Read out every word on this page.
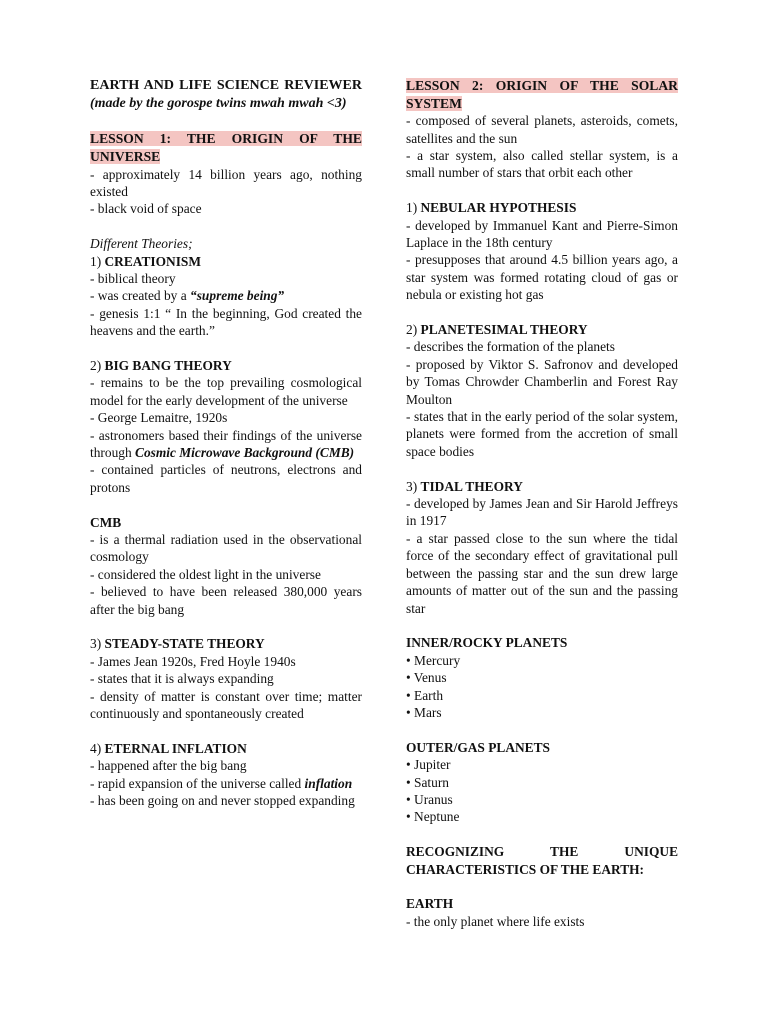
EARTH AND LIFE SCIENCE REVIEWER (made by the gorospe twins mwah mwah <3)

LESSON 1: THE ORIGIN OF THE UNIVERSE

- approximately 14 billion years ago, nothing existed

- black void of space

Different Theories;

1) CREATIONISM

- biblical theory

- was created by a “supreme being”

- genesis 1:1 “ In the beginning, God created the heavens and the earth.”

2) BIG BANG THEORY

- remains to be the top prevailing cosmological model for the early development of the universe

- George Lemaitre, 1920s

- astronomers based their findings of the universe through Cosmic Microwave Background (CMB)

- contained particles of neutrons, electrons and protons

CMB

- is a thermal radiation used in the observational cosmology

- considered the oldest light in the universe

- believed to have been released 380,000 years after the big bang

3) STEADY-STATE THEORY

- James Jean 1920s, Fred Hoyle 1940s

- states that it is always expanding

- density of matter is constant over time; matter continuously and spontaneously created

4) ETERNAL INFLATION

- happened after the big bang

- rapid expansion of the universe called inflation

- has been going on and never stopped expanding

LESSON 2: ORIGIN OF THE SOLAR SYSTEM

- composed of several planets, asteroids, comets, satellites and the sun

- a star system, also called stellar system, is a small number of stars that orbit each other

1) NEBULAR HYPOTHESIS

- developed by Immanuel Kant and Pierre-Simon Laplace in the 18th century

- presupposes that around 4.5 billion years ago, a star system was formed rotating cloud of gas or nebula or existing hot gas

2) PLANETESIMAL THEORY

- describes the formation of the planets

- proposed by Viktor S. Safronov and developed by Tomas Chrowder Chamberlin and Forest Ray Moulton

- states that in the early period of the solar system, planets were formed from the accretion of small space bodies

3) TIDAL THEORY

- developed by James Jean and Sir Harold Jeffreys in 1917

- a star passed close to the sun where the tidal force of the secondary effect of gravitational pull between the passing star and the sun drew large amounts of matter out of the sun and the passing star

INNER/ROCKY PLANETS

• Mercury

• Venus

• Earth

• Mars

OUTER/GAS PLANETS

• Jupiter

• Saturn

• Uranus

• Neptune

RECOGNIZING THE UNIQUE CHARACTERISTICS OF THE EARTH:

EARTH

- the only planet where life exists
